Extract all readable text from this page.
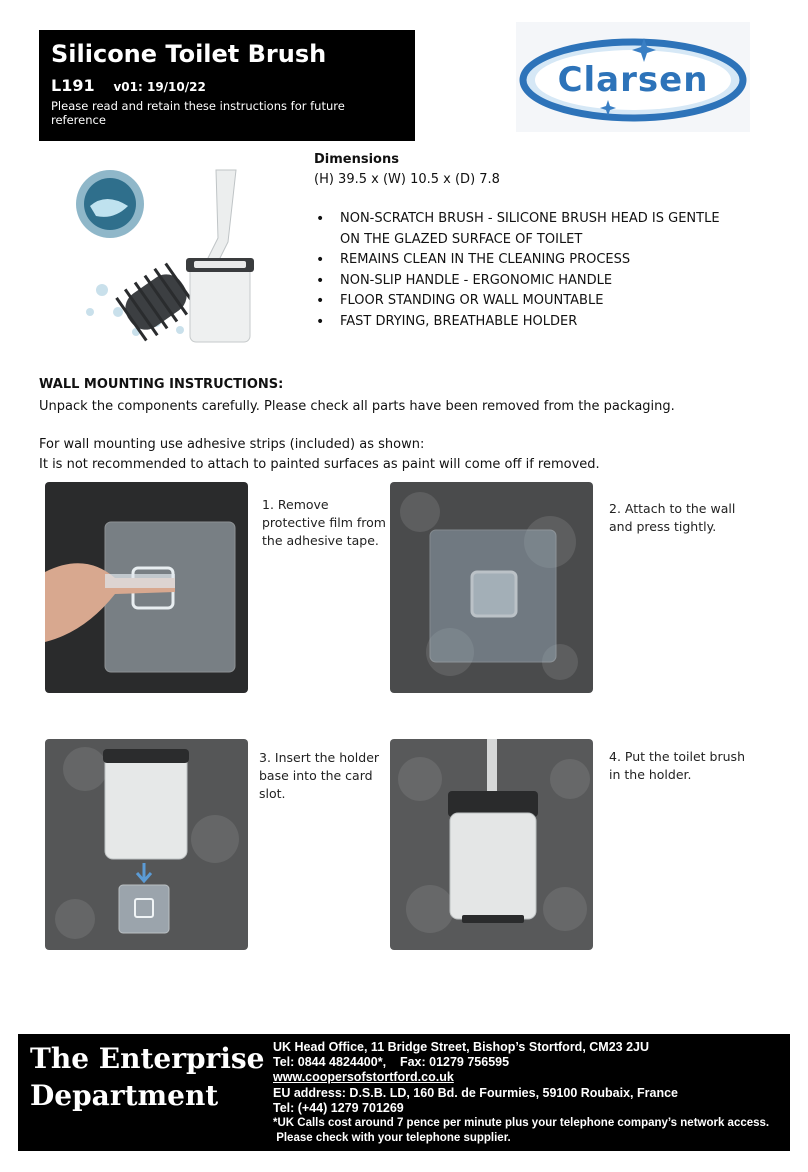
Silicone Toilet Brush
L191 v01: 19/10/22
Please read and retain these instructions for future reference
Clarsen
Dimensions
(H) 39.5 x (W) 10.5 x (D) 7.8
• NON-SCRATCH BRUSH - SILICONE BRUSH HEAD IS GENTLE
ON THE GLAZED SURFACE OF TOILET
• REMAINS CLEAN IN THE CLEANING PROCESS
• NON-SLIP HANDLE - ERGONOMIC HANDLE
• FLOOR STANDING OR WALL MOUNTABLE
• FAST DRYING, BREATHABLE HOLDER
WALL MOUNTING INSTRUCTIONS:
Unpack the components carefully. Please check all parts have been removed from the packaging.
For wall mounting use adhesive strips (included) as shown:
It is not recommended to attach to painted surfaces as paint will come off if removed.
1. Remove
protective film from
the adhesive tape.
2. Attach to the wall
and press tightly.
3. Insert the holder
base into the card
slot.
4. Put the toilet brush
in the holder.
The Enterprise
Department
UK Head Office, 11 Bridge Street, Bishop’s Stortford, CM23 2JU
Tel: 0844 4824400*,    Fax: 01279 756595
www.coopersofstortford.co.uk
EU address: D.S.B. LD, 160 Bd. de Fourmies, 59100 Roubaix, France
Tel: (+44) 1279 701269
*UK Calls cost around 7 pence per minute plus your telephone company’s network access.
Please check with your telephone supplier.
